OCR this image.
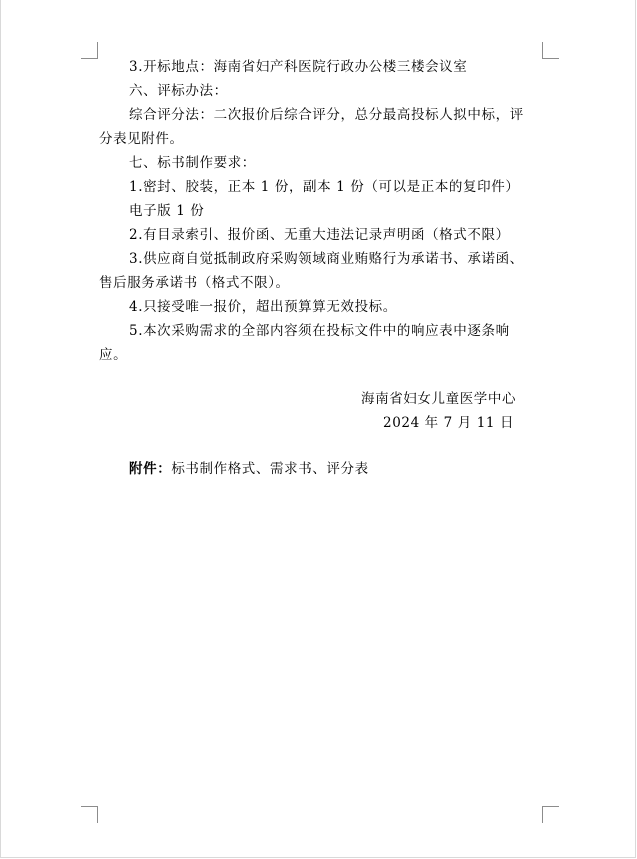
3.开标地点：海南省妇产科医院行政办公楼三楼会议室
六、评标办法：
综合评分法：二次报价后综合评分，总分最高投标人拟中标，评
分表见附件。
七、标书制作要求：
1.密封、胶装，正本 1 份，副本 1 份（可以是正本的复印件）
电子版 1 份
2.有目录索引、报价函、无重大违法记录声明函（格式不限）
3.供应商自觉抵制政府采购领域商业贿赂行为承诺书、承诺函、
售后服务承诺书（格式不限）。
4.只接受唯一报价，超出预算算无效投标。
5.本次采购需求的全部内容须在投标文件中的响应表中逐条响
应。
海南省妇女儿童医学中心
2024 年 7 月 11 日
附件：标书制作格式、需求书、评分表
